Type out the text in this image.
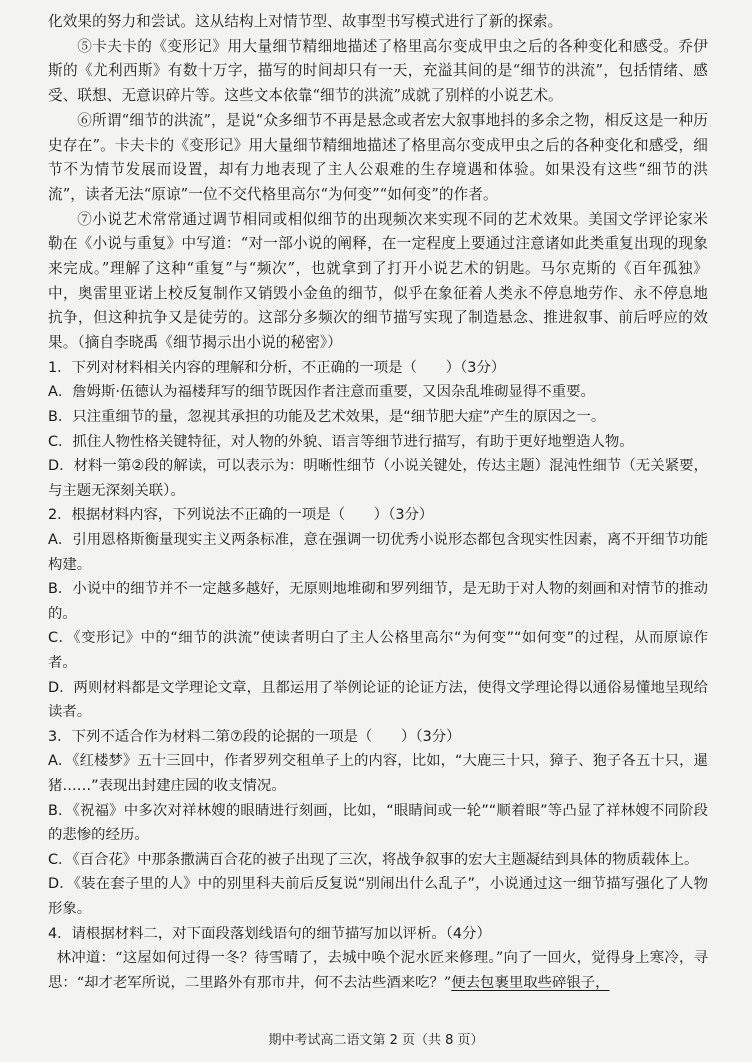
化效果的努力和尝试。这从结构上对情节型、故事型书写模式进行了新的探索。

⑤卡夫卡的《变形记》用大量细节精细地描述了格里高尔变成甲虫之后的各种变化和感受。乔伊斯的《尤利西斯》有数十万字，描写的时间却只有一天，充溢其间的是“细节的洪流”，包括情绪、感受、联想、无意识碎片等。这些文本依靠“细节的洪流”成就了别样的小说艺术。

⑥所谓“细节的洪流”，是说“众多细节不再是悬念或者宏大叙事地抖的多余之物，相反这是一种历史存在”。卡夫卡的《变形记》用大量细节精细地描述了格里高尔变成甲虫之后的各种变化和感受，细节不为情节发展而设置，却有力地表现了主人公艰难的生存境遇和体验。如果没有这些“细节的洪流”，读者无法“原谅”一位不交代格里高尔“为何变”“如何变”的作者。

⑦小说艺术常常通过调节相同或相似细节的出现频次来实现不同的艺术效果。美国文学评论家米勒在《小说与重复》中写道：“对一部小说的阐释，在一定程度上要通过注意诸如此类重复出现的现象来完成。”理解了这种“重复”与“频次”，也就拿到了打开小说艺术的钥匙。马尔克斯的《百年孤独》中，奥雷里亚诺上校反复制作又销毁小金鱼的细节，似乎在象征着人类永不停息地劳作、永不停息地抗争，但这种抗争又是徒劳的。这部分多频次的细节描写实现了制造悬念、推进叙事、前后呼应的效果。（摘自李晓禹《细节揭示出小说的秘密》）

1．下列对材料相关内容的理解和分析，不正确的一项是（　　）（3分）

A．詹姆斯·伍德认为福楼拜写的细节既因作者注意而重要，又因杂乱堆砌显得不重要。

B．只注重细节的量，忽视其承担的功能及艺术效果，是“细节肥大症”产生的原因之一。

C．抓住人物性格关键特征，对人物的外貌、语言等细节进行描写，有助于更好地塑造人物。

D．材料一第②段的解读，可以表示为：明晰性细节（小说关键处，传达主题）混沌性细节（无关紧要，与主题无深刻关联）。

2．根据材料内容，下列说法不正确的一项是（　　）（3分）

A．引用恩格斯衡量现实主义两条标准，意在强调一切优秀小说形态都包含现实性因素，离不开细节功能构建。

B．小说中的细节并不一定越多越好，无原则地堆砌和罗列细节，是无助于对人物的刻画和对情节的推动的。

C．《变形记》中的“细节的洪流”使读者明白了主人公格里高尔“为何变”“如何变”的过程，从而原谅作者。

D．两则材料都是文学理论文章，且都运用了举例论证的论证方法，使得文学理论得以通俗易懂地呈现给读者。

3．下列不适合作为材料二第⑦段的论据的一项是（　　）（3分）

A．《红楼梦》五十三回中，作者罗列交租单子上的内容，比如，“大鹿三十只，獐子、狍子各五十只，暹猪……”表现出封建庄园的收支情况。

B．《祝福》中多次对祥林嫂的眼睛进行刻画，比如，“眼睛间或一轮”“顺着眼”等凸显了祥林嫂不同阶段的悲惨的经历。

C．《百合花》中那条撒满百合花的被子出现了三次，将战争叙事的宏大主题凝结到具体的物质载体上。

D．《装在套子里的人》中的别里科夫前后反复说“别闹出什么乱子”，小说通过这一细节描写强化了人物形象。

4．请根据材料二，对下面段落划线语句的细节描写加以评析。（4分）

林冲道：“这屋如何过得一冬？待雪晴了，去城中唤个泥水匠来修理。”向了一回火，觉得身上寒冷，寻思：“却才老军所说，二里路外有那市井，何不去沽些酒来吃？”便去包裹里取些碎银子，

期中考试高二语文第 2 页（共 8 页）
